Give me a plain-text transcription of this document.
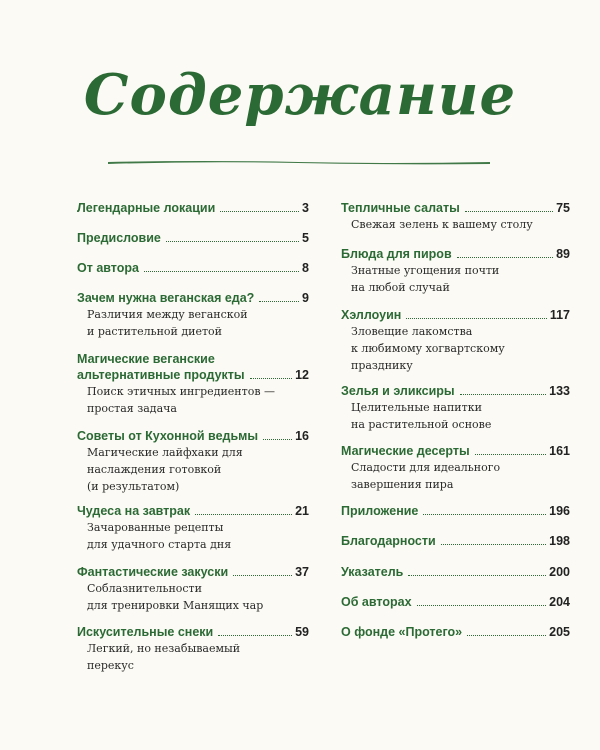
Содержание
Легендарные локации	3
Предисловие	5
От автора	8
Зачем нужна веганская еда?	9
Различия между веганской
и растительной диетой
Магические веганские
альтернативные продукты	12
Поиск этичных ингредиентов —
простая задача
Советы от Кухонной ведьмы	16
Магические лайфхаки для
наслаждения готовкой
(и результатом)
Чудеса на завтрак	21
Зачарованные рецепты
для удачного старта дня
Фантастические закуски	37
Соблазнительности
для тренировки Манящих чар
Искусительные снеки	59
Легкий, но незабываемый
перекус
Тепличные салаты	75
Свежая зелень к вашему столу
Блюда для пиров	89
Знатные угощения почти
на любой случай
Хэллоуин	117
Зловещие лакомства
к любимому хогвартскому
празднику
Зелья и эликсиры	133
Целительные напитки
на растительной основе
Магические десерты	161
Сладости для идеального
завершения пира
Приложение	196
Благодарности	198
Указатель	200
Об авторах	204
О фонде «Протего»	205
